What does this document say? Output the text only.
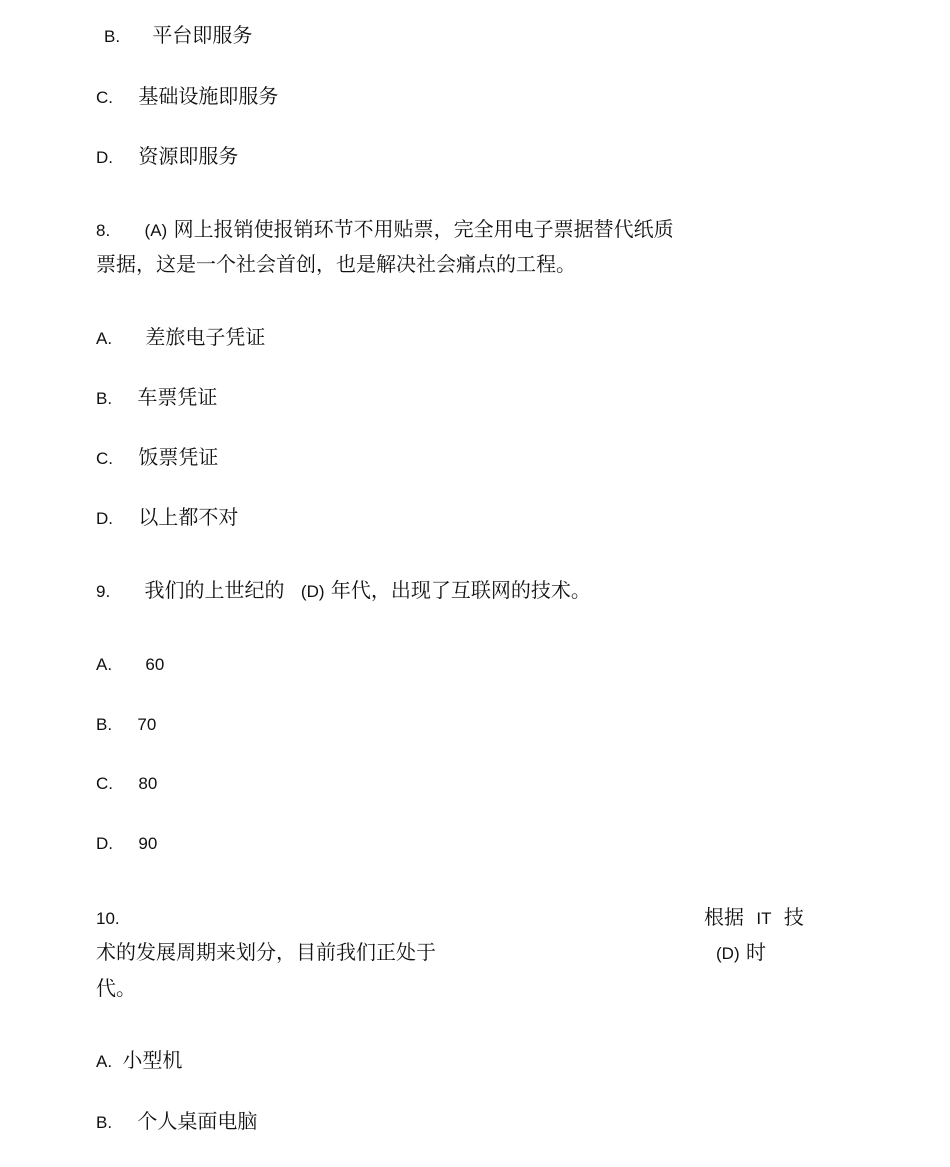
B. 平台即服务
C. 基础设施即服务
D. 资源即服务
8. (A) 网上报销使报销环节不用贴票，完全用电子票据替代纸质
票据，这是一个社会首创，也是解决社会痛点的工程。
A. 差旅电子凭证
B. 车票凭证
C. 饭票凭证
D. 以上都不对
9. 我们的上世纪的 (D) 年代，出现了互联网的技术。
A. 60
B. 70
C. 80
D. 90
10.	根据 IT 技
术的发展周期来划分，目前我们正处于	(D) 时
代。
A. 小型机
B. 个人桌面电脑
